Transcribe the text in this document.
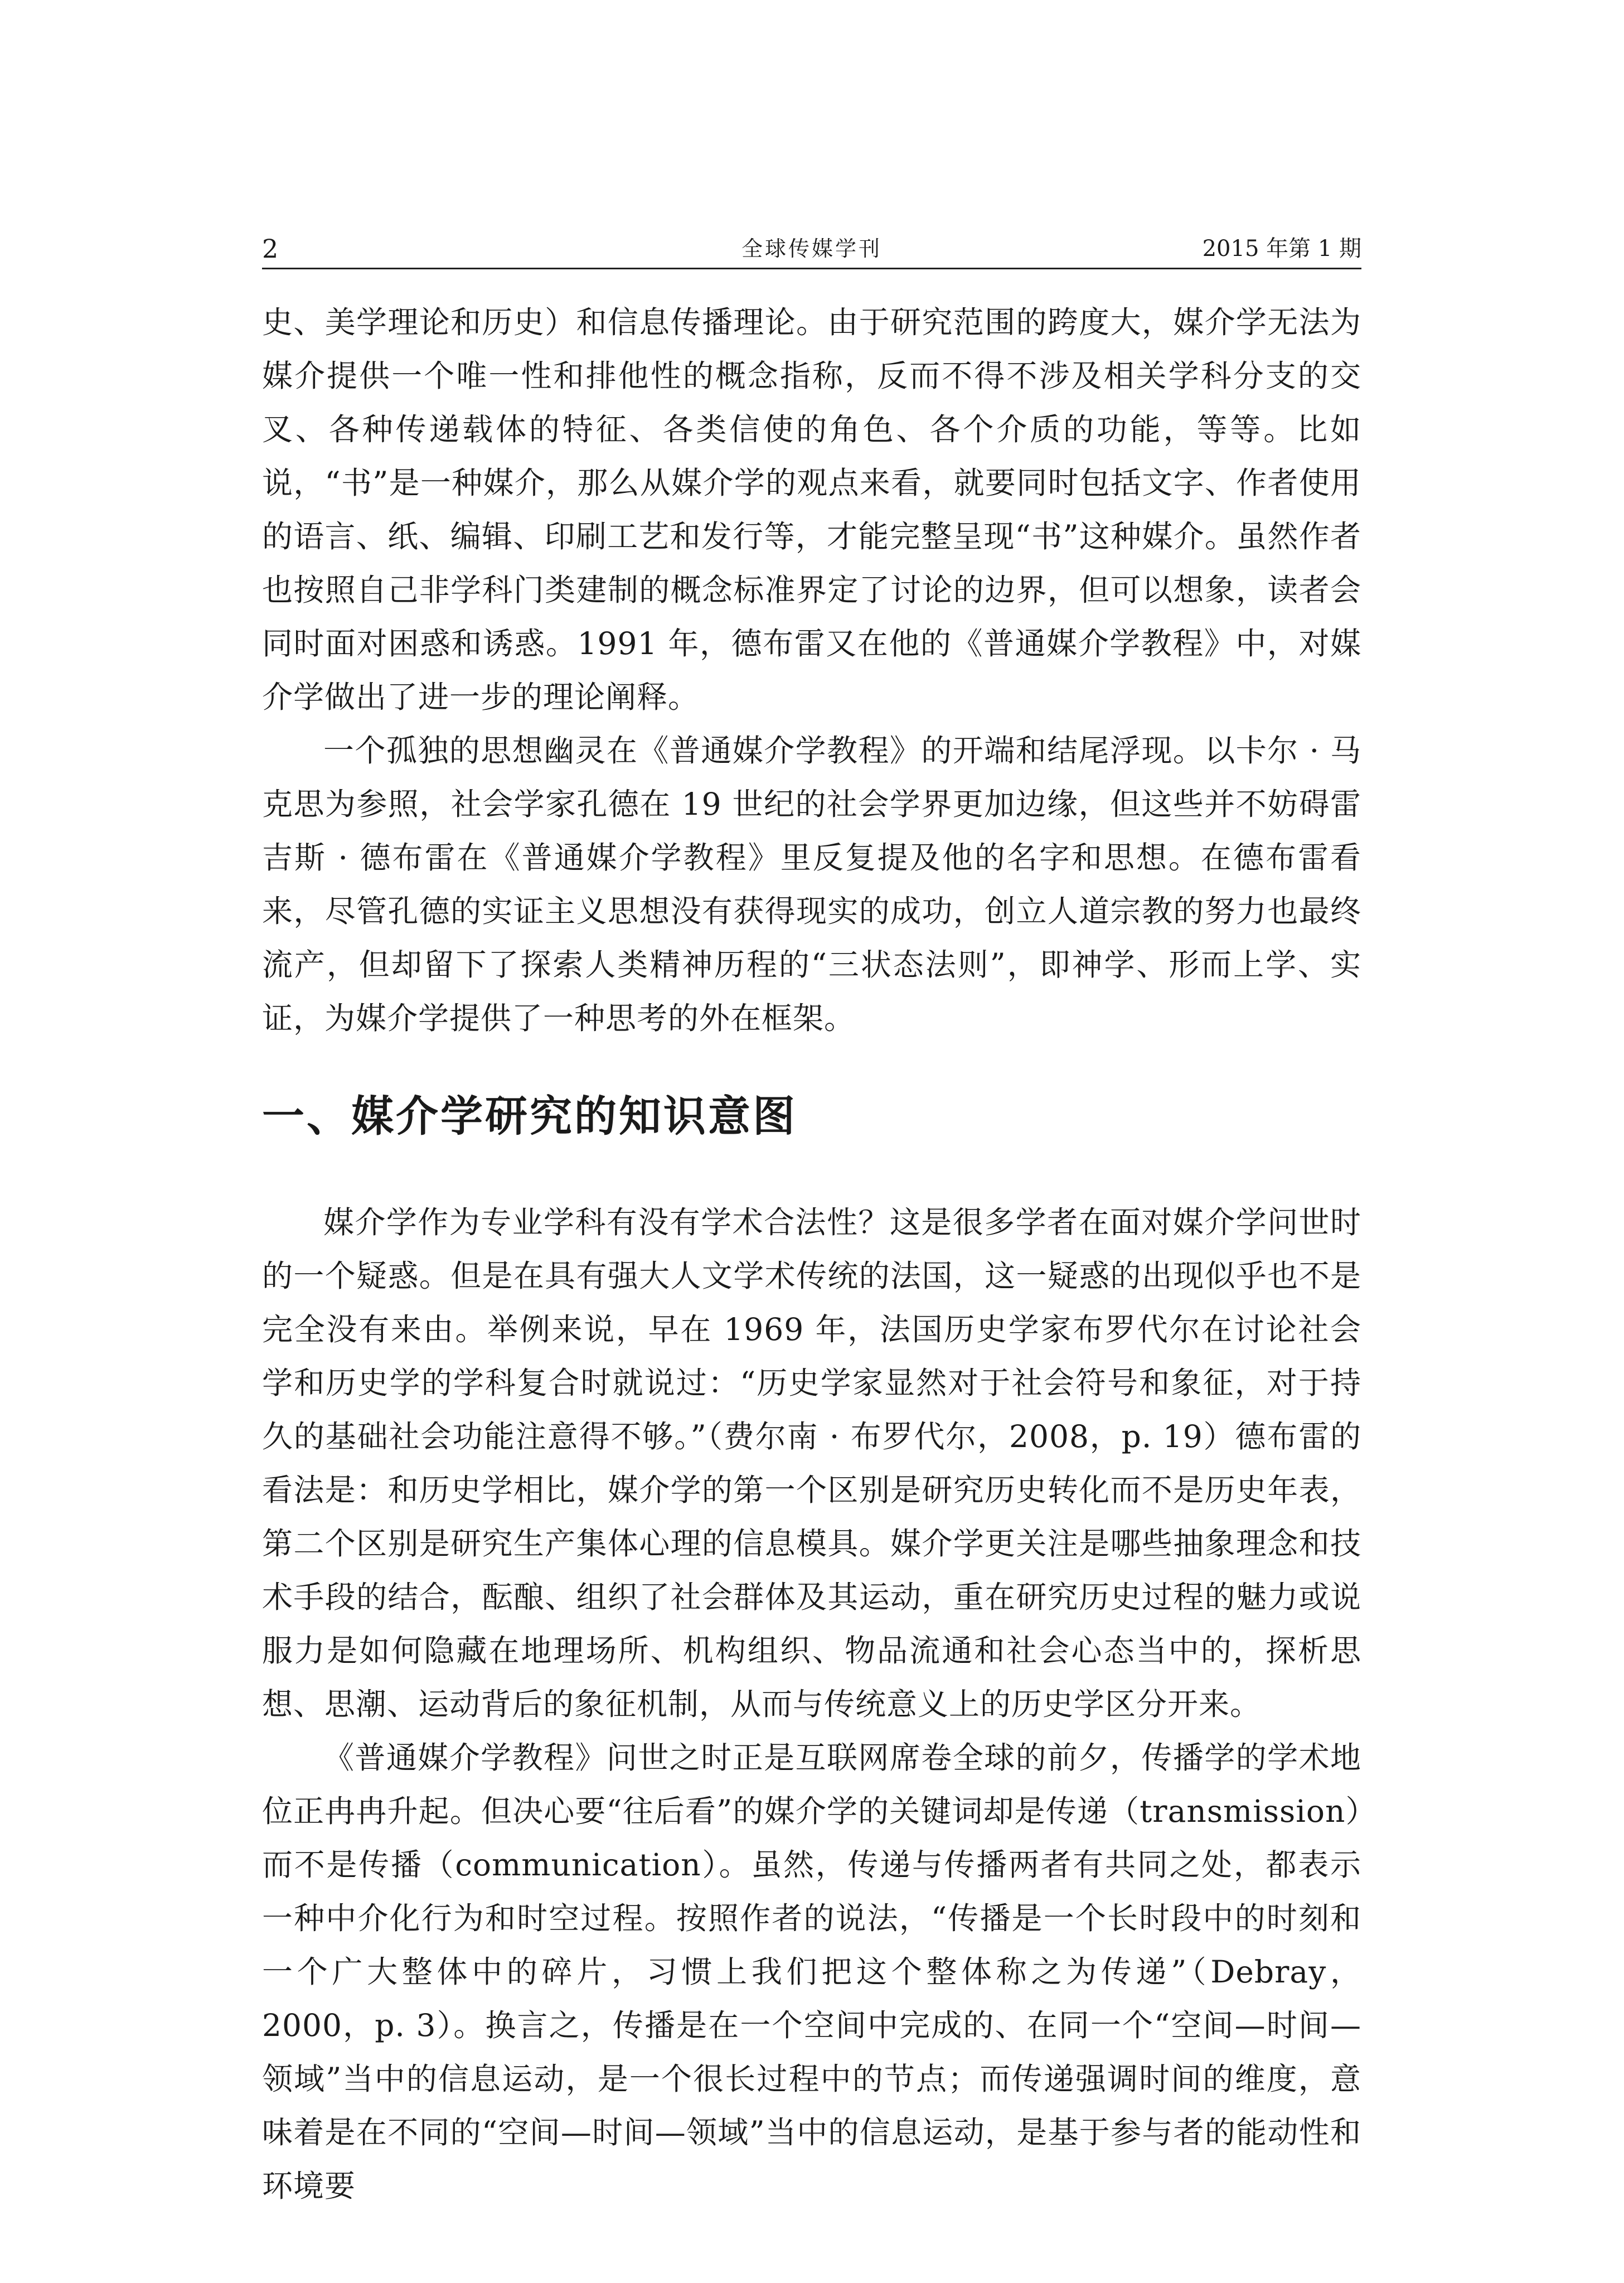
2	全球传媒学刊	2015 年第 1 期

史、美学理论和历史）和信息传播理论。由于研究范围的跨度大，媒介学无法为媒介提供一个唯一性和排他性的概念指称，反而不得不涉及相关学科分支的交叉、各种传递载体的特征、各类信使的角色、各个介质的功能，等等。比如说，“书”是一种媒介，那么从媒介学的观点来看，就要同时包括文字、作者使用的语言、纸、编辑、印刷工艺和发行等，才能完整呈现“书”这种媒介。虽然作者也按照自己非学科门类建制的概念标准界定了讨论的边界，但可以想象，读者会同时面对困惑和诱惑。1991 年，德布雷又在他的《普通媒介学教程》中，对媒介学做出了进一步的理论阐释。

一个孤独的思想幽灵在《普通媒介学教程》的开端和结尾浮现。以卡尔 · 马克思为参照，社会学家孔德在 19 世纪的社会学界更加边缘，但这些并不妨碍雷吉斯 · 德布雷在《普通媒介学教程》里反复提及他的名字和思想。在德布雷看来，尽管孔德的实证主义思想没有获得现实的成功，创立人道宗教的努力也最终流产，但却留下了探索人类精神历程的“三状态法则”，即神学、形而上学、实证，为媒介学提供了一种思考的外在框架。

一、媒介学研究的知识意图

媒介学作为专业学科有没有学术合法性？这是很多学者在面对媒介学问世时的一个疑惑。但是在具有强大人文学术传统的法国，这一疑惑的出现似乎也不是完全没有来由。举例来说，早在 1969 年，法国历史学家布罗代尔在讨论社会学和历史学的学科复合时就说过：“历史学家显然对于社会符号和象征，对于持久的基础社会功能注意得不够。”（费尔南 · 布罗代尔，2008，p. 19）德布雷的看法是：和历史学相比，媒介学的第一个区别是研究历史转化而不是历史年表，第二个区别是研究生产集体心理的信息模具。媒介学更关注是哪些抽象理念和技术手段的结合，酝酿、组织了社会群体及其运动，重在研究历史过程的魅力或说服力是如何隐藏在地理场所、机构组织、物品流通和社会心态当中的，探析思想、思潮、运动背后的象征机制，从而与传统意义上的历史学区分开来。

《普通媒介学教程》问世之时正是互联网席卷全球的前夕，传播学的学术地位正冉冉升起。但决心要“往后看”的媒介学的关键词却是传递（transmission）而不是传播（communication）。虽然，传递与传播两者有共同之处，都表示一种中介化行为和时空过程。按照作者的说法，“传播是一个长时段中的时刻和一个广大整体中的碎片，习惯上我们把这个整体称之为传递”（Debray，2000，p. 3）。换言之，传播是在一个空间中完成的、在同一个“空间—时间—领域”当中的信息运动，是一个很长过程中的节点；而传递强调时间的维度，意味着是在不同的“空间—时间—领域”当中的信息运动，是基于参与者的能动性和环境要
